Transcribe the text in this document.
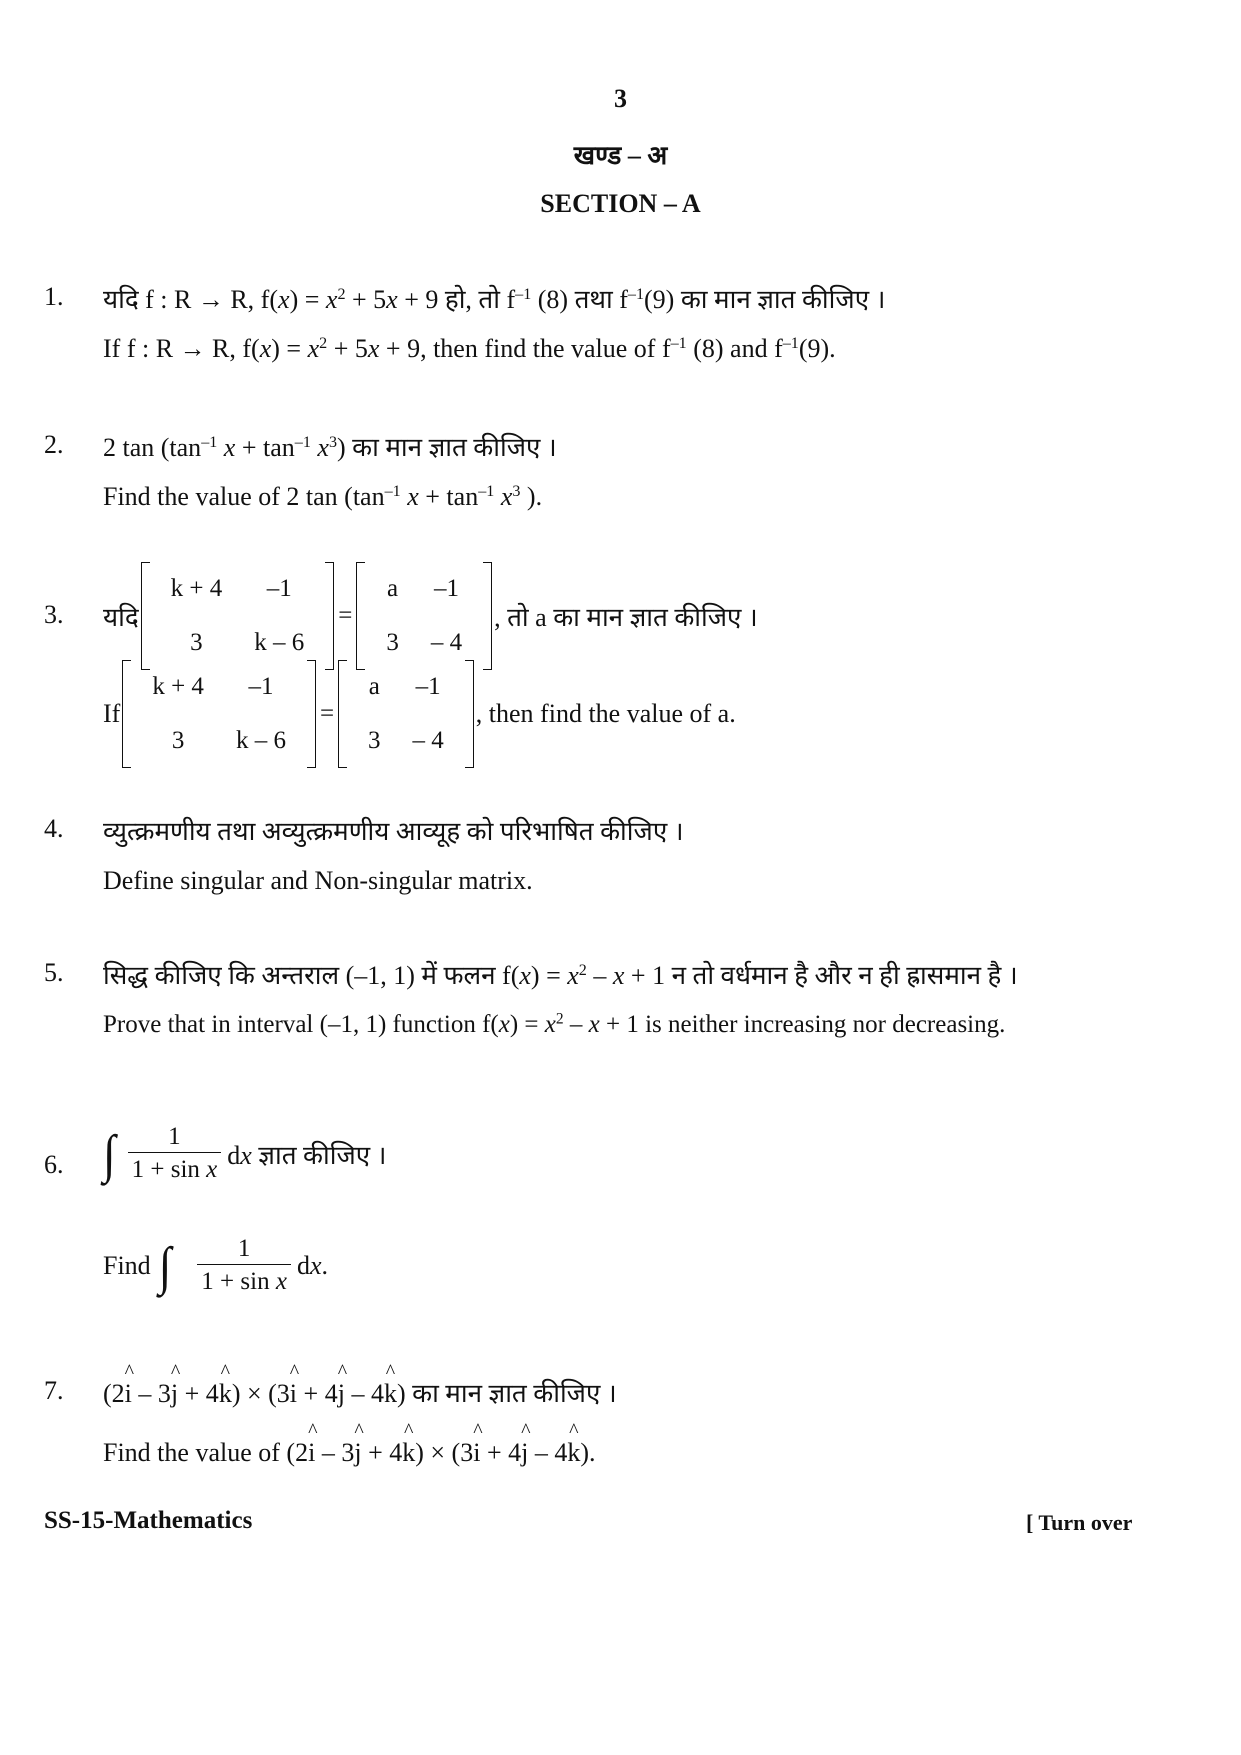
3
खण्ड – अ
SECTION – A
1. यदि f : R → R, $f(x) = x^2 + 5x + 9$ हो, तो $f^{-1}$ (8) तथा $f^{-1}(9)$ का मान ज्ञात कीजिए ।
If f : R → R, $f(x) = x^2 + 5x + 9$, then find the value of $f^{-1}$ (8) and $f^{-1}(9)$.
2. 2 $\tan (\tan^{-1}$ $x + \tan^{-1} x^3$) का मान ज्ञात कीजिए ।
Find the value of 2 $\tan (\tan^{-1}$ $x + \tan^{-1} x^3$ ).
3. यदि
k + 4	–1
3	k – 6
=
a	–1
3	– 4
, तो a का मान ज्ञात कीजिए ।
If
k + 4	–1
3	k – 6
=
a	–1
3	– 4
, then find the value of a.
4. व्युत्क्रमणीय तथा अव्युत्क्रमणीय आव्यूह को परिभाषित कीजिए ।
Define singular and Non-singular matrix.
5. सिद्ध कीजिए कि अन्तराल (–1, 1) में फलन $f(x) = x^2 - x + 1$ न तो वर्धमान है और न ही ह्रासमान है ।
Prove that in interval (–1, 1) function $f(x) = x^2 - x + 1$ is neither increasing nor decreasing.
6. ∫ $\frac{1}{\text{1 + sin x}}$ dx ज्ञात कीजिए ।
Find ∫ $\frac{1}{\text{1 + sin x}}$ dx.
7. (2
^
i – 3
^
j + 4
^
k) × (3
^
i + 4
^
j – 4
^
k) का मान ज्ञात कीजिए ।
Find the value of (2
^
i – 3
^
j + 4
^
k) × (3
^
i + 4
^
j – 4
^
k).
SS-15-Mathematics	[ Turn over
